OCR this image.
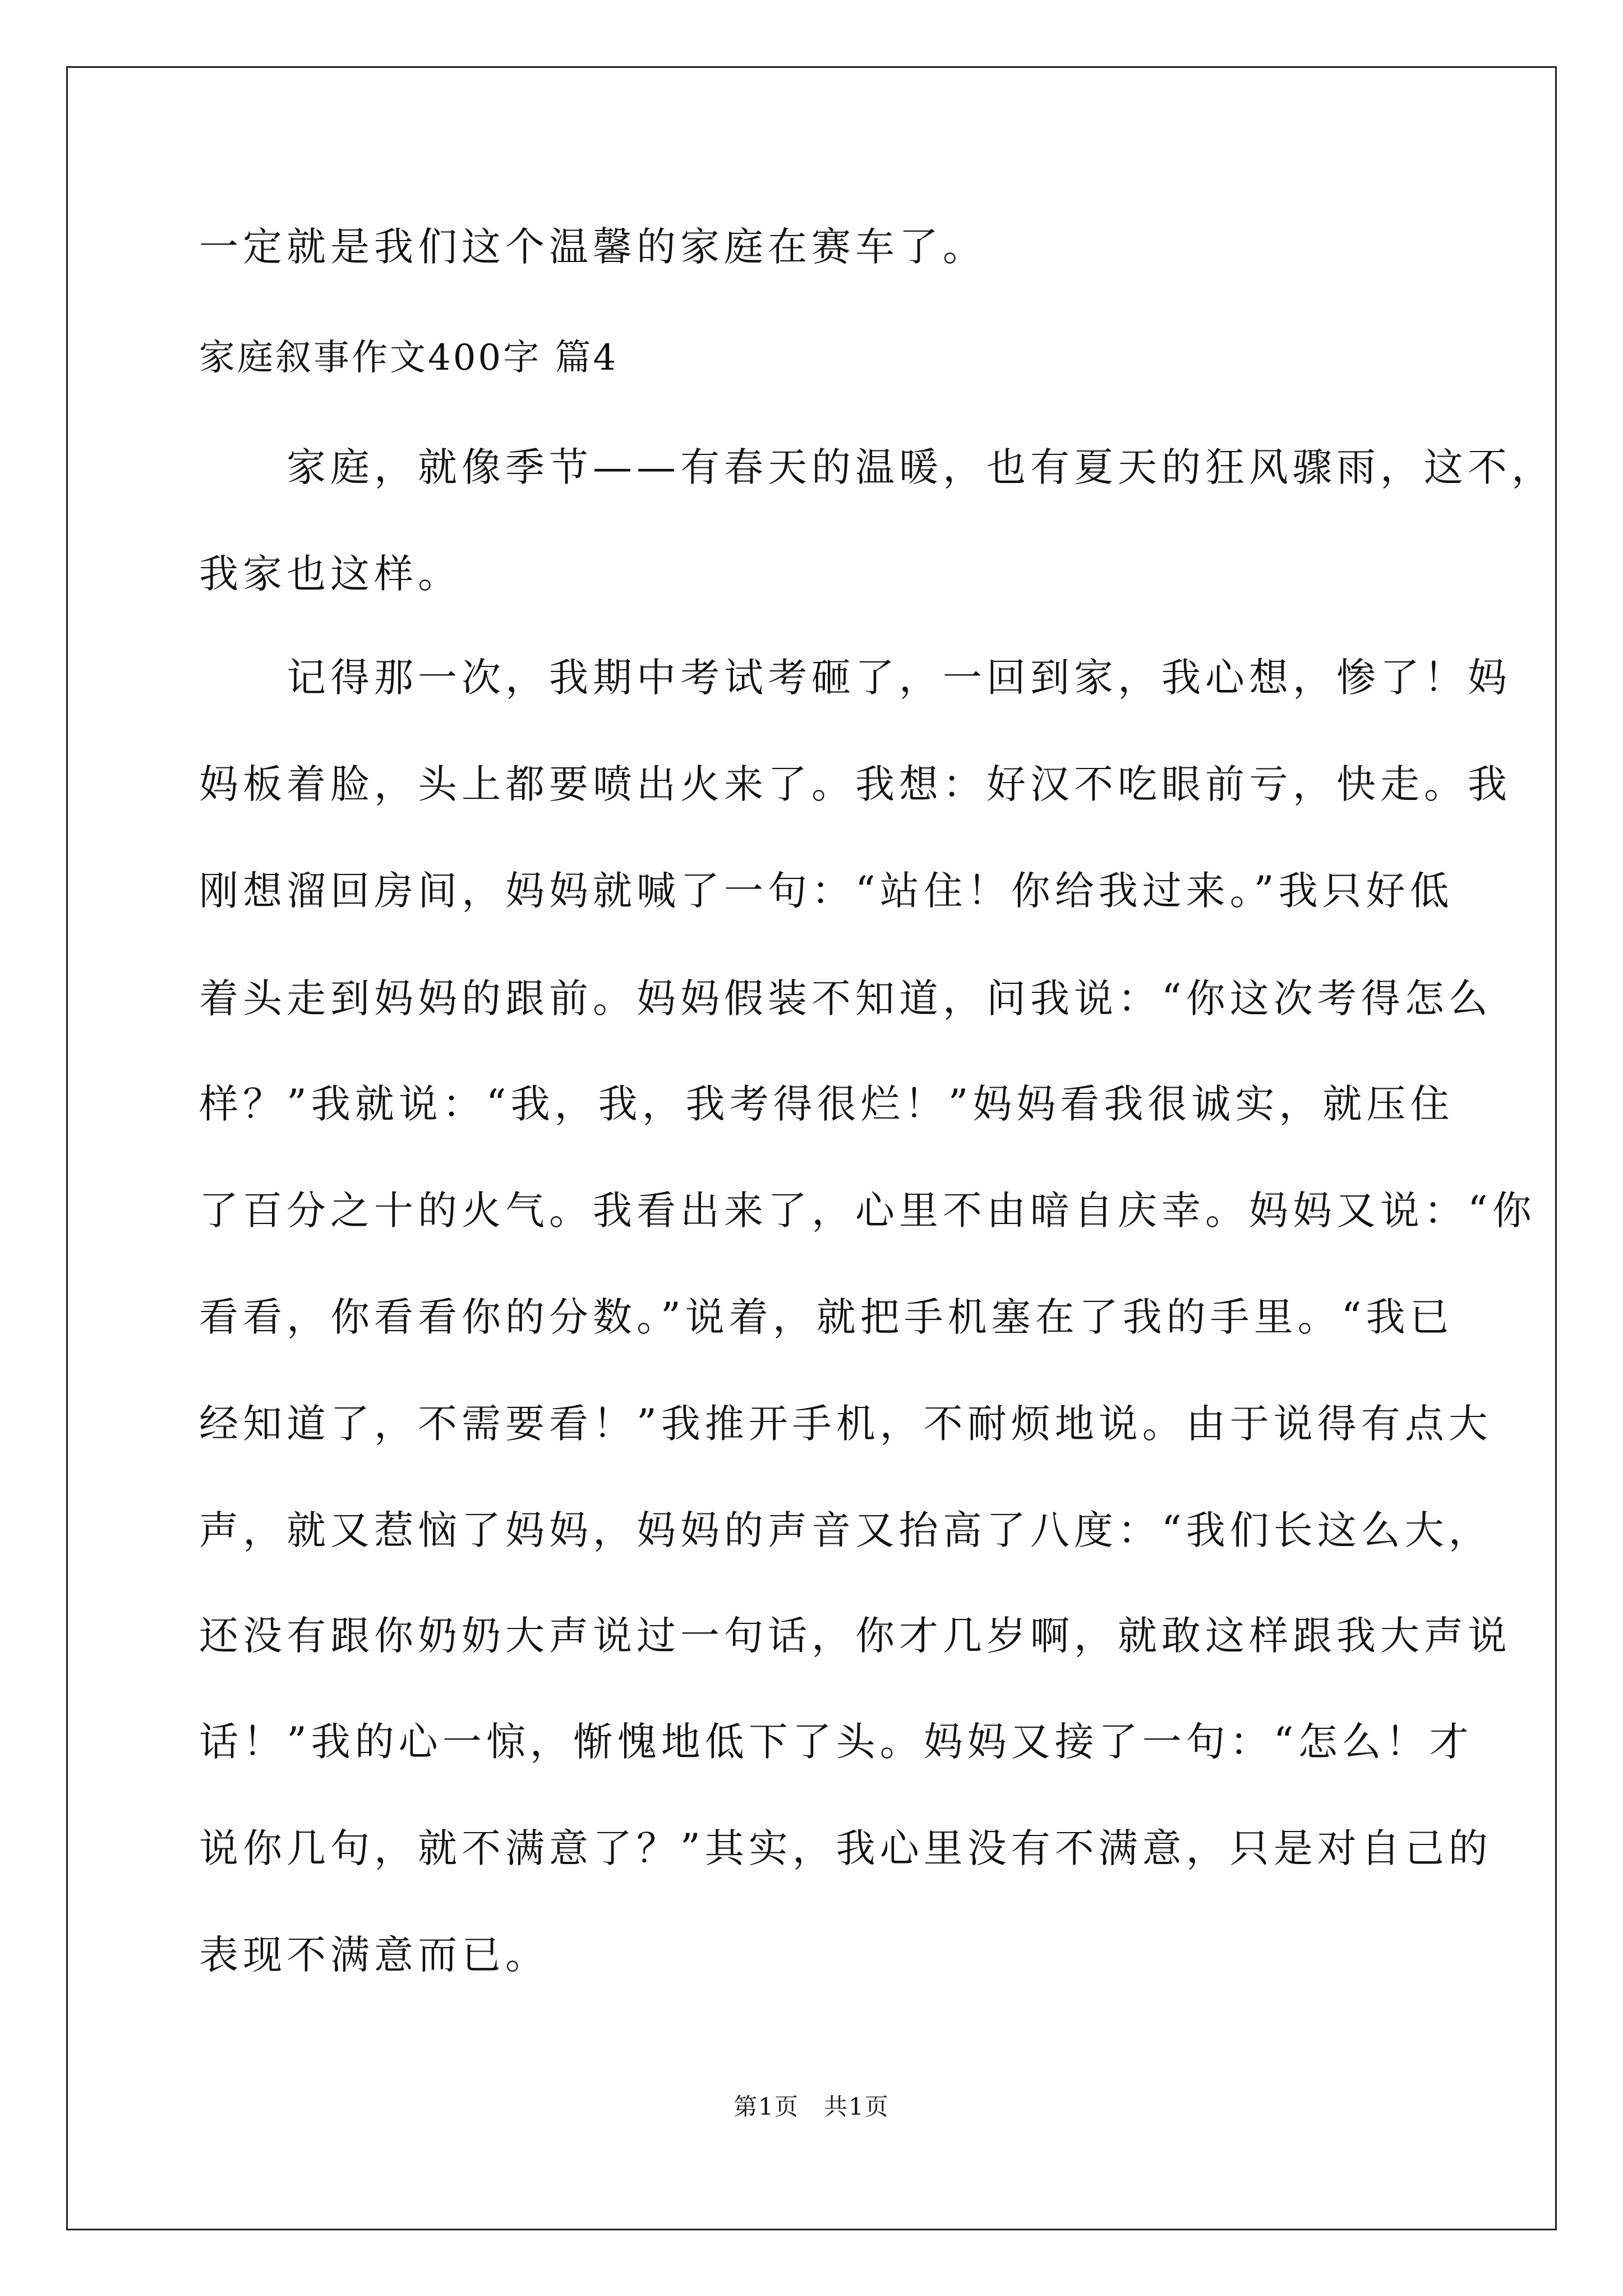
一定就是我们这个温馨的家庭在赛车了。
家庭叙事作文400字 篇4
　　家庭，就像季节——有春天的温暖，也有夏天的狂风骤雨，这不，
我家也这样。
　　记得那一次，我期中考试考砸了，一回到家，我心想，惨了！妈
妈板着脸，头上都要喷出火来了。我想：好汉不吃眼前亏，快走。我
刚想溜回房间，妈妈就喊了一句：“站住！你给我过来。”我只好低
着头走到妈妈的跟前。妈妈假装不知道，问我说：“你这次考得怎么
样？”我就说：“我，我，我考得很烂！”妈妈看我很诚实，就压住
了百分之十的火气。我看出来了，心里不由暗自庆幸。妈妈又说：“你
看看，你看看你的分数。”说着，就把手机塞在了我的手里。“我已
经知道了，不需要看！”我推开手机，不耐烦地说。由于说得有点大
声，就又惹恼了妈妈，妈妈的声音又抬高了八度：“我们长这么大，
还没有跟你奶奶大声说过一句话，你才几岁啊，就敢这样跟我大声说
话！”我的心一惊，惭愧地低下了头。妈妈又接了一句：“怎么！才
说你几句，就不满意了？”其实，我心里没有不满意，只是对自己的
表现不满意而已。
第1页　共1页
